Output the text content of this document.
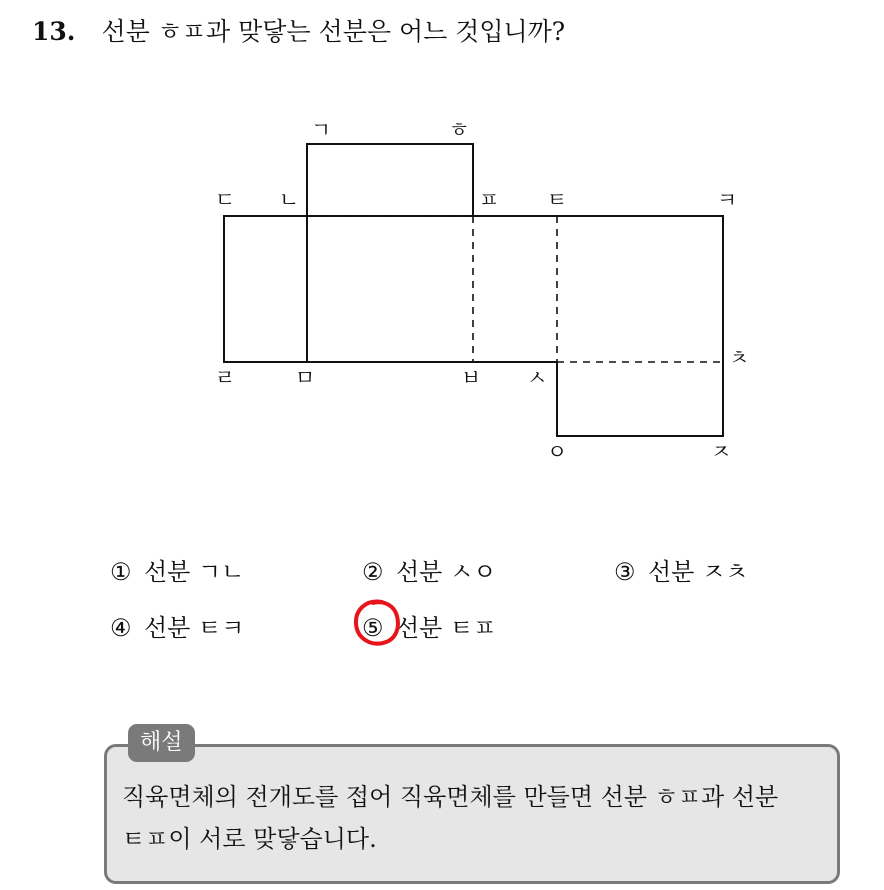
13. 선분 ㅎㅍ과 맞닿는 선분은 어느 것입니까?
ㄱ	ㅎ
ㄷ ㄴ	ㅍ ㅌ	ㅋ
ㄹ	ㅁ	ㅂ ㅅ
ㅊ
ㅇ	ㅈ
① 선분 ㄱㄴ	② 선분 ㅅㅇ	③ 선분 ㅈㅊ
④ 선분 ㅌㅋ	⑤ 선분 ㅌㅍ
해설
직육면체의 전개도를 접어 직육면체를 만들면 선분 ㅎㅍ과 선분
ㅌㅍ이 서로 맞닿습니다.
